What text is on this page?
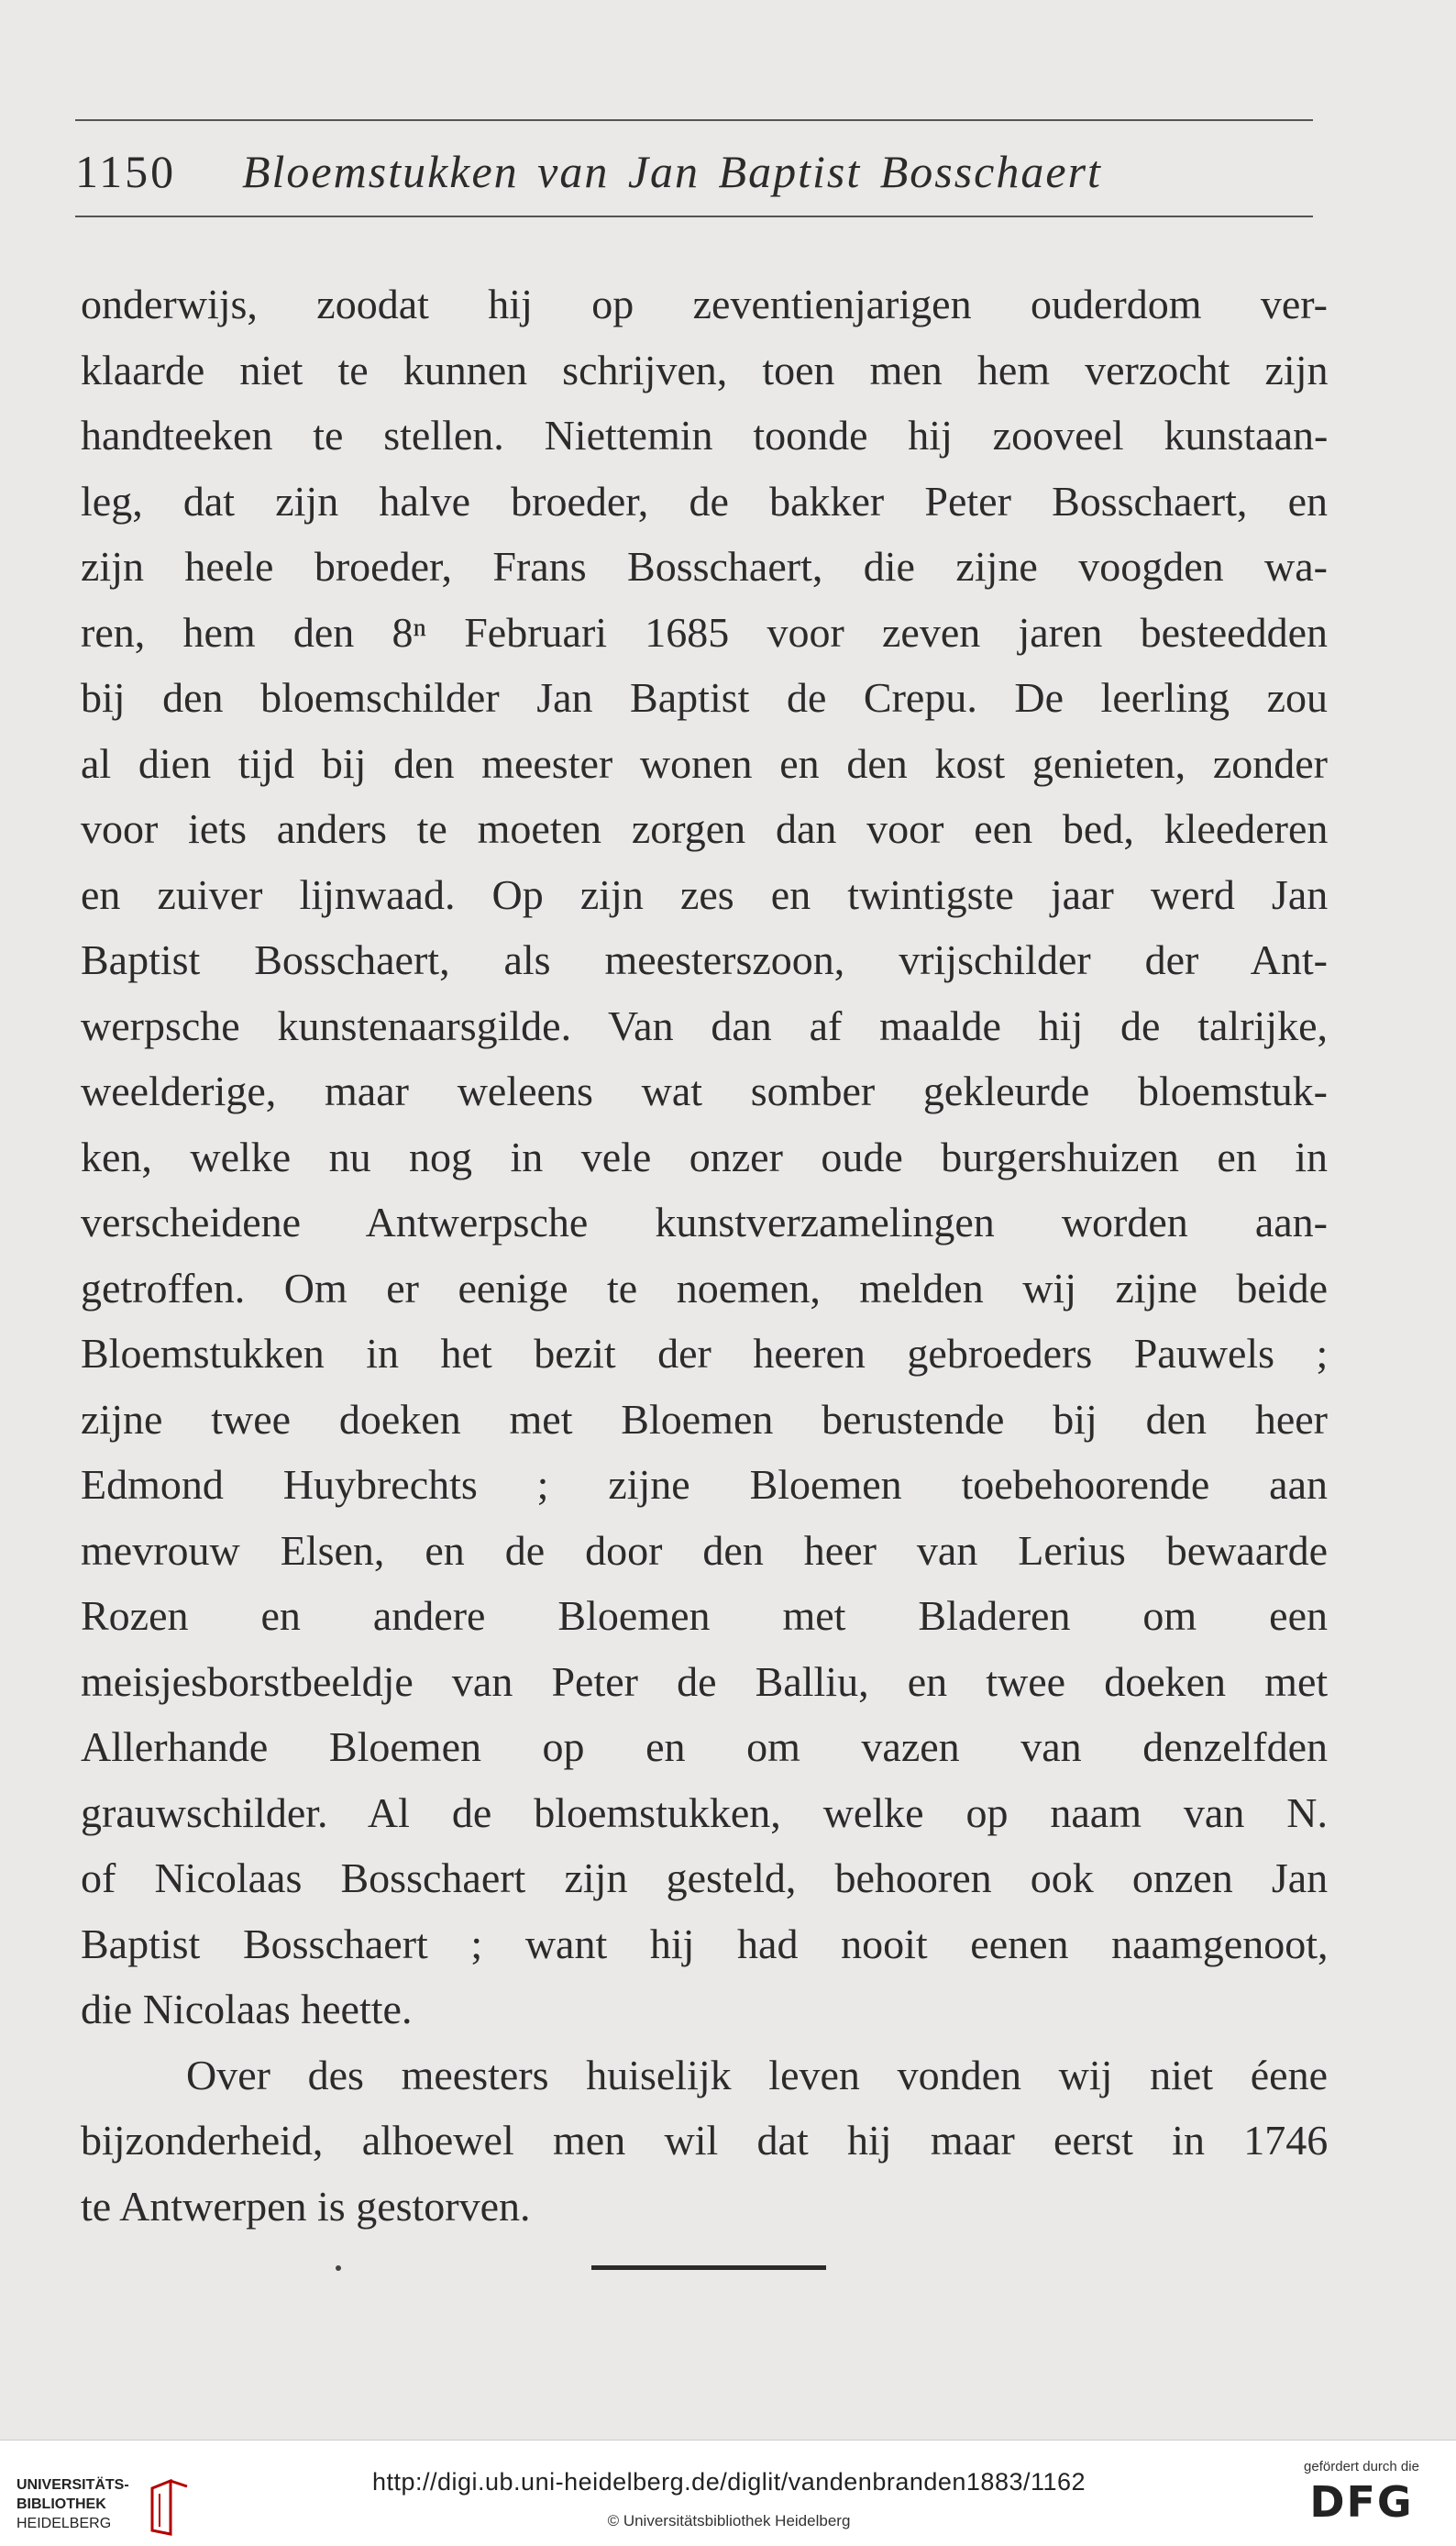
1150 Bloemstukken van Jan Baptist Bosschaert
onderwijs, zoodat hij op zeventienjarigen ouderdom ver-
klaarde niet te kunnen schrijven, toen men hem verzocht zijn
handteeken te stellen. Niettemin toonde hij zooveel kunstaan-
leg, dat zijn halve broeder, de bakker Peter Bosschaert, en
zijn heele broeder, Frans Bosschaert, die zijne voogden wa-
ren, hem den 8ⁿ Februari 1685 voor zeven jaren besteedden
bij den bloemschilder Jan Baptist de Crepu. De leerling zou
al dien tijd bij den meester wonen en den kost genieten, zonder
voor iets anders te moeten zorgen dan voor een bed, kleederen
en zuiver lijnwaad. Op zijn zes en twintigste jaar werd Jan
Baptist Bosschaert, als meesterszoon, vrijschilder der Ant-
werpsche kunstenaarsgilde. Van dan af maalde hij de talrijke,
weelderige, maar weleens wat somber gekleurde bloemstuk-
ken, welke nu nog in vele onzer oude burgershuizen en in
verscheidene Antwerpsche kunstverzamelingen worden aan-
getroffen. Om er eenige te noemen, melden wij zijne beide
Bloemstukken in het bezit der heeren gebroeders Pauwels ;
zijne twee doeken met Bloemen berustende bij den heer
Edmond Huybrechts ; zijne Bloemen toebehoorende aan
mevrouw Elsen, en de door den heer van Lerius bewaarde
Rozen en andere Bloemen met Bladeren om een
meisjesborstbeeldje van Peter de Balliu, en twee doeken met
Allerhande Bloemen op en om vazen van denzelfden
grauwschilder. Al de bloemstukken, welke op naam van N.
of Nicolaas Bosschaert zijn gesteld, behooren ook onzen Jan
Baptist Bosschaert ; want hij had nooit eenen naamgenoot,
die Nicolaas heette.
Over des meesters huiselijk leven vonden wij niet éene
bijzonderheid, alhoewel men wil dat hij maar eerst in 1746
te Antwerpen is gestorven.
UNIVERSITÄTS-
BIBLIOTHEK
HEIDELBERG
http://digi.ub.uni-heidelberg.de/diglit/vandenbranden1883/1162
© Universitätsbibliothek Heidelberg
gefördert durch die
DFG
